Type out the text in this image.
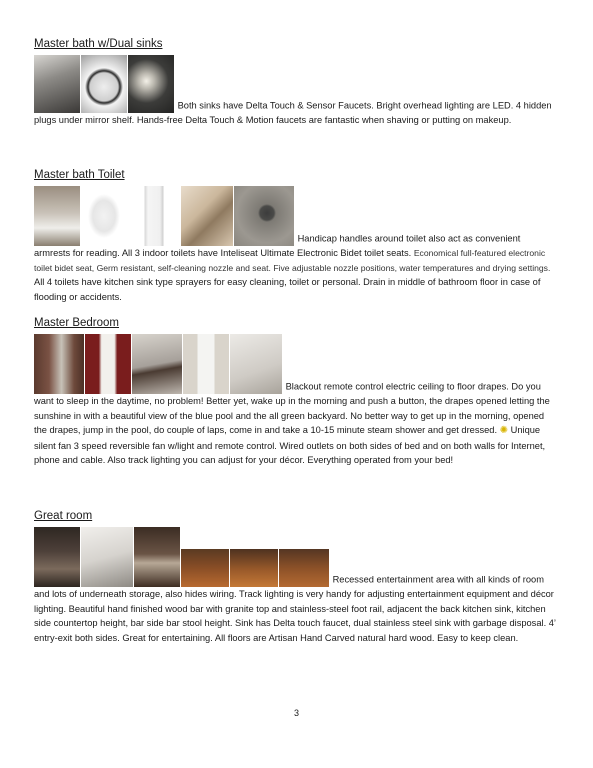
Master bath w/Dual sinks

Both sinks have Delta Touch & Sensor Faucets. Bright overhead lighting are LED. 4 hidden plugs under mirror shelf. Hands-free Delta Touch & Motion faucets are fantastic when shaving or putting on makeup.

Master bath Toilet

Handicap handles around toilet also act as convenient armrests for reading. All 3 indoor toilets have Inteliseat Ultimate Electronic Bidet toilet seats. Economical full-featured electronic toilet bidet seat, Germ resistant, self-cleaning nozzle and seat. Five adjustable nozzle positions, water temperatures and drying settings. All 4 toilets have kitchen sink type sprayers for easy cleaning, toilet or personal. Drain in middle of bathroom floor in case of flooding or accidents.

Master Bedroom

Blackout remote control electric ceiling to floor drapes. Do you want to sleep in the daytime, no problem! Better yet, wake up in the morning and push a button, the drapes opened letting the sunshine in with a beautiful view of the blue pool and the all green backyard. No better way to get up in the morning, opened the drapes, jump in the pool, do couple of laps, come in and take a 10-15 minute steam shower and get dressed. ✺ Unique silent fan 3 speed reversible fan w/light and remote control. Wired outlets on both sides of bed and on both walls for Internet, phone and cable. Also track lighting you can adjust for your décor. Everything operated from your bed!

Great room

Recessed entertainment area with all kinds of room and lots of underneath storage, also hides wiring. Track lighting is very handy for adjusting entertainment equipment and décor lighting. Beautiful hand finished wood bar with granite top and stainless-steel foot rail, adjacent the back kitchen sink, kitchen side countertop height, bar side bar stool height. Sink has Delta touch faucet, dual stainless steel sink with garbage disposal. 4’ entry-exit both sides. Great for entertaining. All floors are Artisan Hand Carved natural hard wood. Easy to keep clean.

3
